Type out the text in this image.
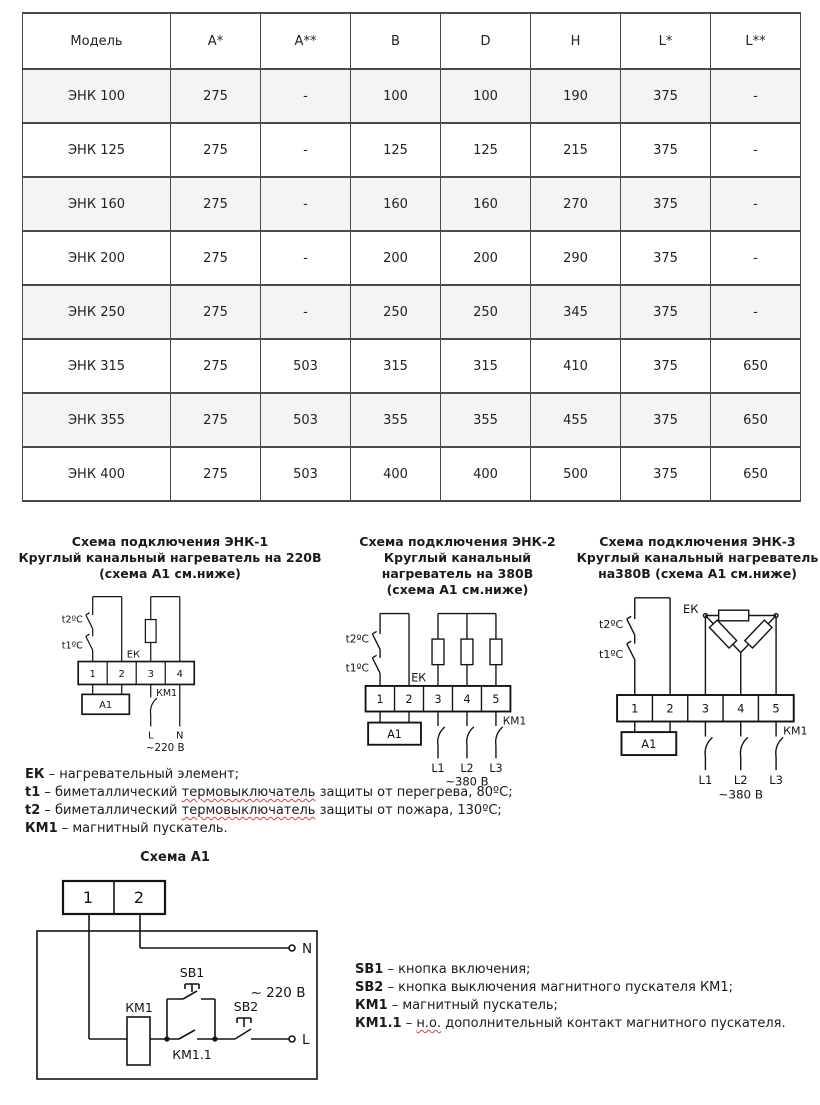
Модель	A*	A**	B	D	H	L*	L**
ЭНК 100	275	-	100	100	190	375	-
ЭНК 125	275	-	125	125	215	375	-
ЭНК 160	275	-	160	160	270	375	-
ЭНК 200	275	-	200	200	290	375	-
ЭНК 250	275	-	250	250	345	375	-
ЭНК 315	275	503	315	315	410	375	650
ЭНК 355	275	503	355	355	455	375	650
ЭНК 400	275	503	400	400	500	375	650
Схема подключения ЭНК-1
Круглый канальный нагреватель на 220В
(схема А1 см.ниже)
t2ºC
t1ºC
ЕК
1 2 3 4
А1
КМ1
L N
~220 В
Схема подключения ЭНК-2
Круглый канальный нагреватель на 380В
(схема А1 см.ниже)
t2ºC
t1ºC
ЕК
1 2 3 4 5
А1
КМ1
L1 L2 L3
~380 В
Схема подключения ЭНК-3
Круглый канальный нагреватель
на380В (схема А1 см.ниже)
t2ºC
t1ºC
ЕК
1 2 3 4 5
А1
КМ1
L1 L2 L3
~380 В
ЕК – нагревательный элемент;
t1 – биметаллический термовыключатель защиты от перегрева, 80ºС;
t2 – биметаллический термовыключатель защиты от пожара, 130ºС;
КМ1 – магнитный пускатель.
Схема А1
1	2
N
КМ1
КМ1.1
SB1
SB2
L
~ 220 В
SB1 – кнопка включения;
SB2 – кнопка выключения магнитного пускателя КМ1;
КМ1 – магнитный пускатель;
КМ1.1 – н.о. дополнительный контакт магнитного пускателя.
